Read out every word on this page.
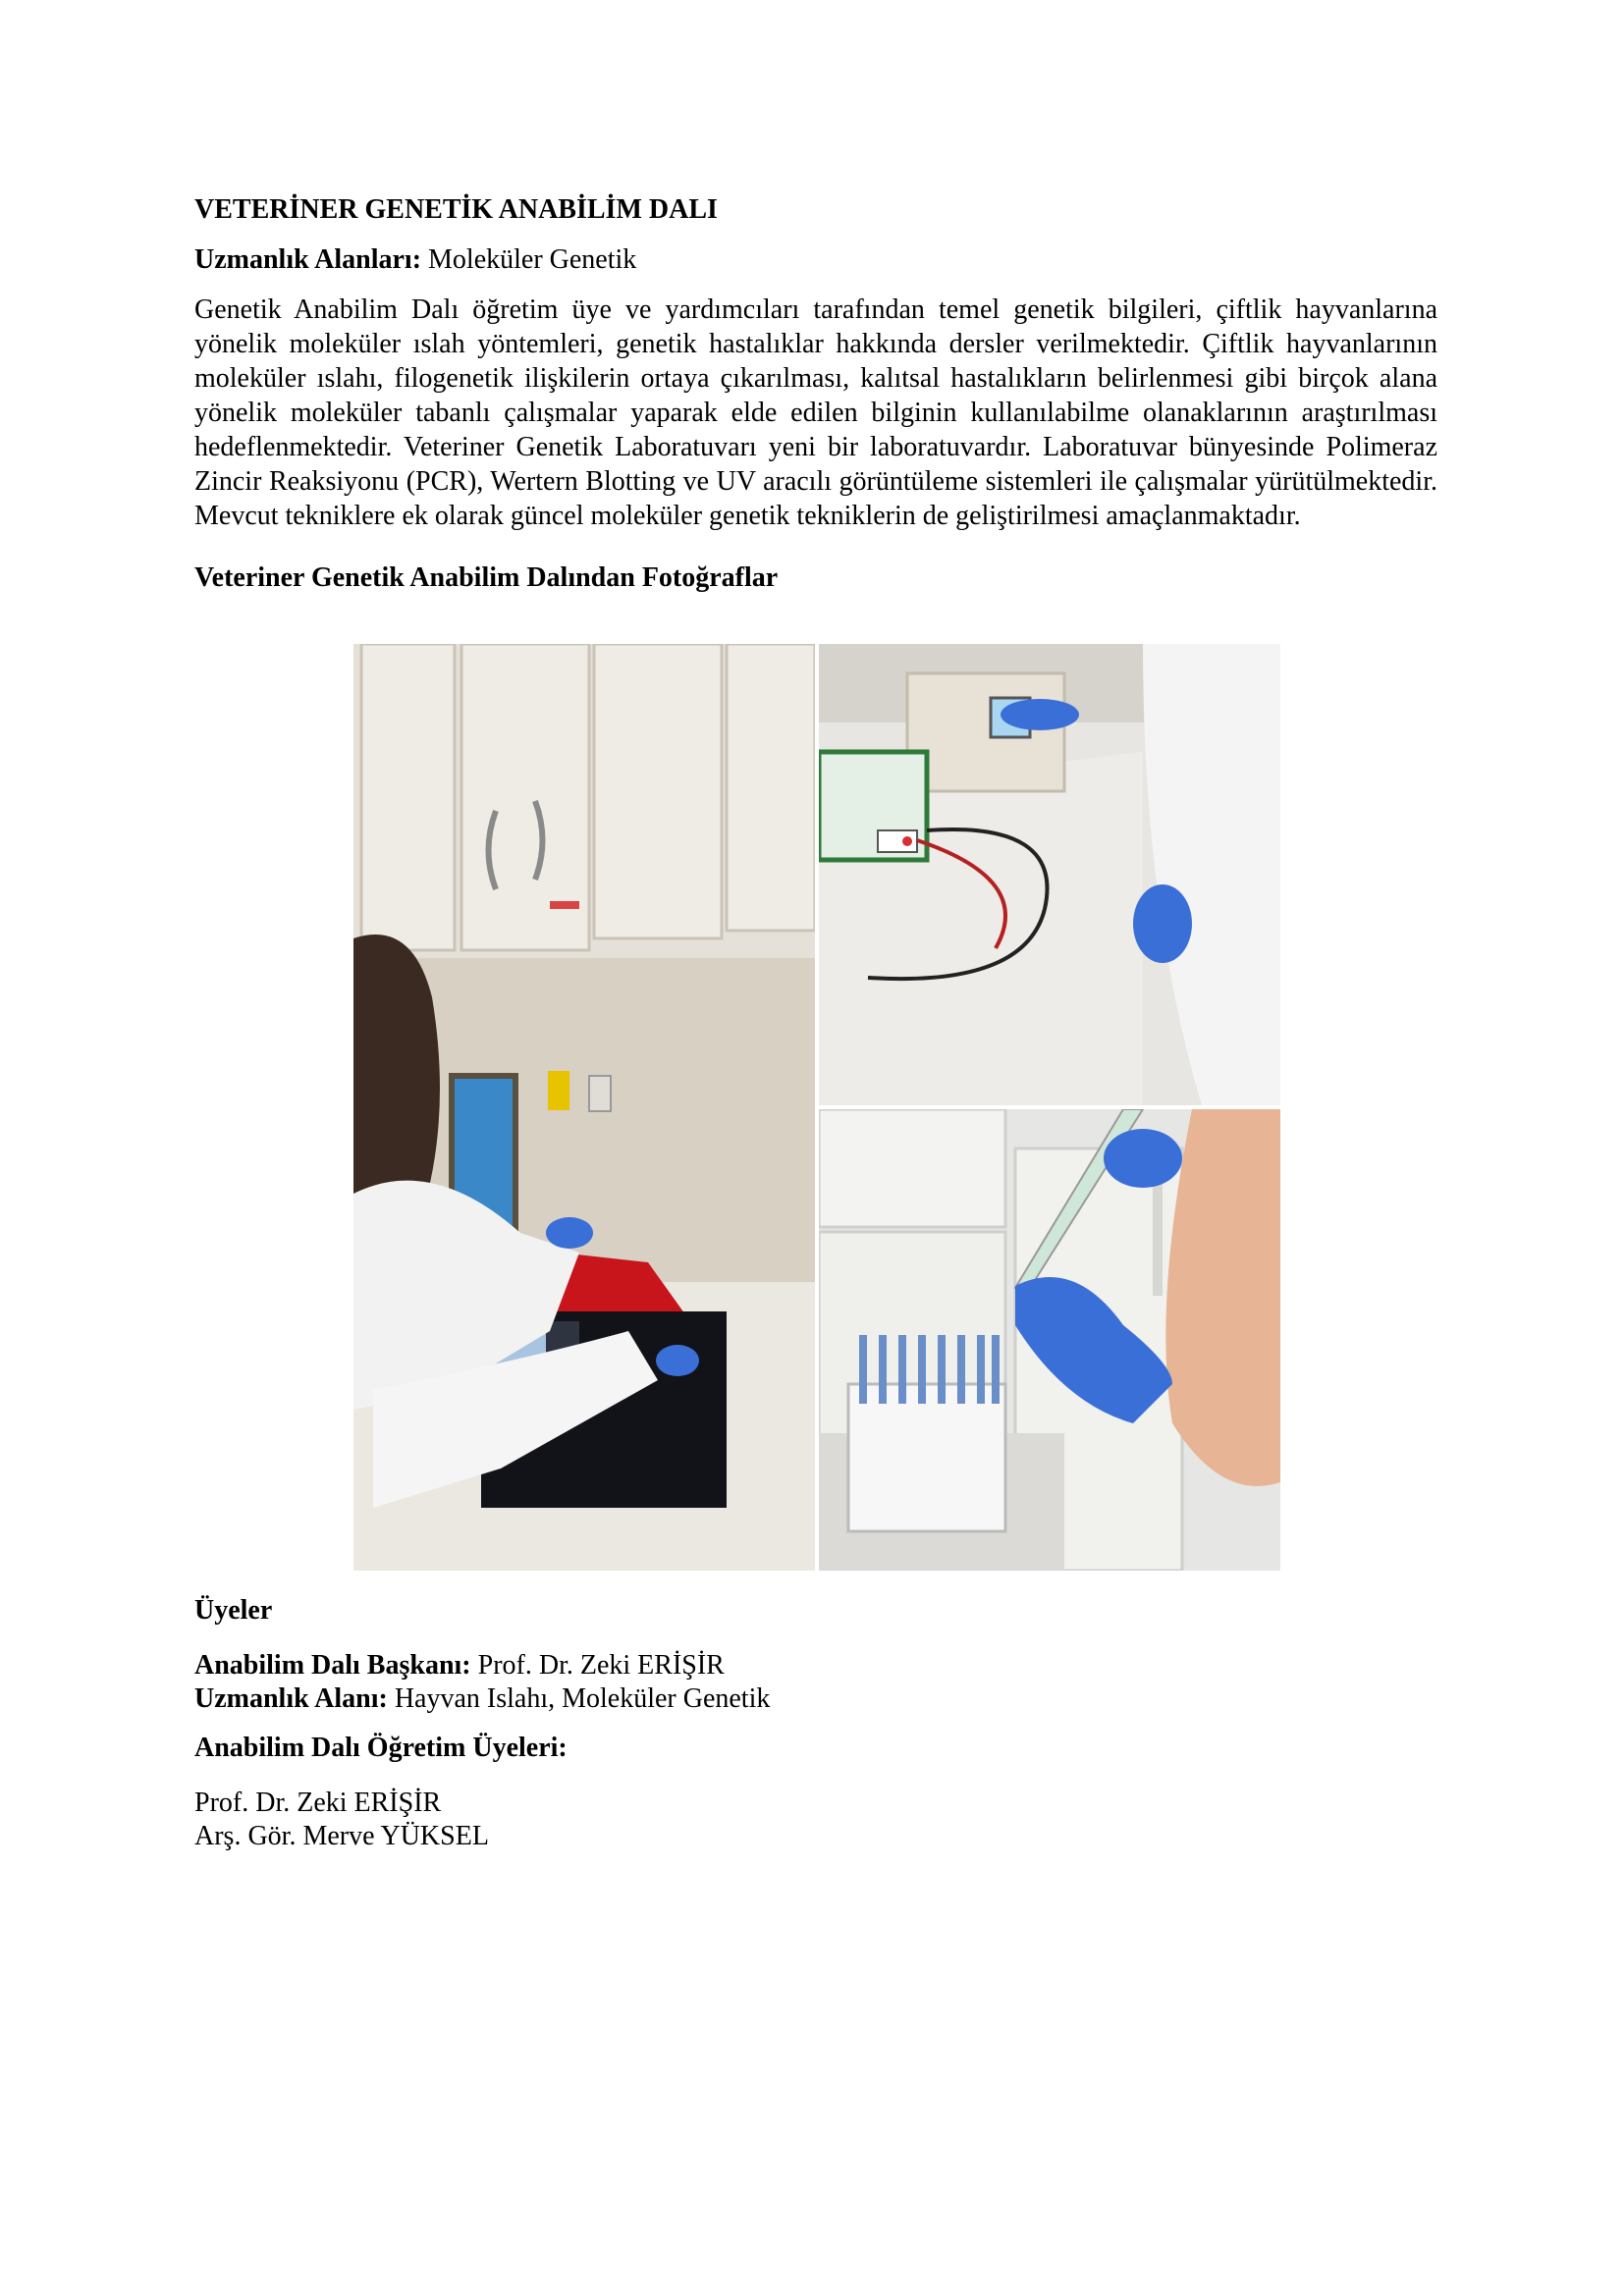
VETERİNER GENETİK ANABİLİM DALI

Uzmanlık Alanları: Moleküler Genetik

Genetik Anabilim Dalı öğretim üye ve yardımcıları tarafından temel genetik bilgileri, çiftlik hayvanlarına yönelik moleküler ıslah yöntemleri, genetik hastalıklar hakkında dersler verilmektedir. Çiftlik hayvanlarının moleküler ıslahı, filogenetik ilişkilerin ortaya çıkarılması, kalıtsal hastalıkların belirlenmesi gibi birçok alana yönelik moleküler tabanlı çalışmalar yaparak elde edilen bilginin kullanılabilme olanaklarının araştırılması hedeflenmektedir. Veteriner Genetik Laboratuvarı yeni bir laboratuvardır. Laboratuvar bünyesinde Polimeraz Zincir Reaksiyonu (PCR), Wertern Blotting ve UV aracılı görüntüleme sistemleri ile çalışmalar yürütülmektedir. Mevcut tekniklere ek olarak güncel moleküler genetik tekniklerin de geliştirilmesi amaçlanmaktadır.

Veteriner Genetik Anabilim Dalından Fotoğraflar

Üyeler

Anabilim Dalı Başkanı: Prof. Dr. Zeki ERİŞİR

Uzmanlık Alanı: Hayvan Islahı, Moleküler Genetik

Anabilim Dalı Öğretim Üyeleri:

Prof. Dr. Zeki ERİŞİR

Arş. Gör. Merve YÜKSEL
